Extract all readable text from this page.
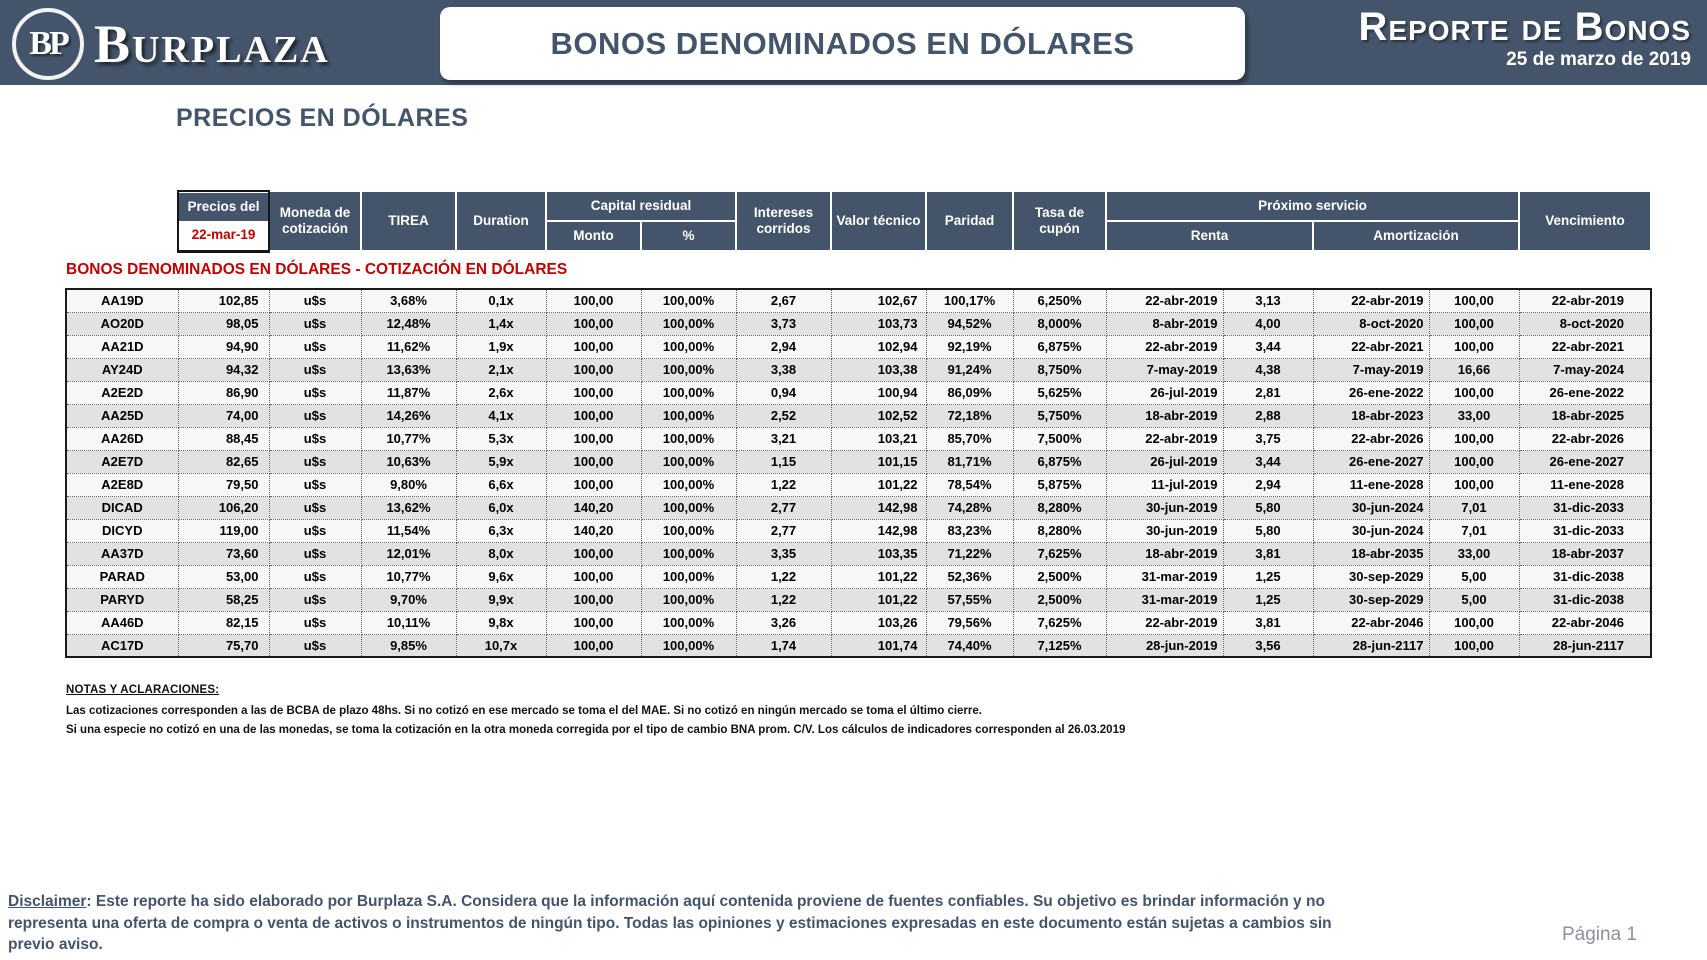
BP Burplaza	BONOS DENOMINADOS EN DÓLARES	Reporte de Bonos
25 de marzo de 2019
PRECIOS EN DÓLARES
Precios del
22-mar-19	Moneda de cotización	TIREA	Duration	Capital residual		Intereses corridos	Valor técnico	Paridad	Tasa de cupón	Próximo servicio		Vencimiento
				Monto	%					Renta	Amortización	
BONOS DENOMINADOS EN DÓLARES - COTIZACIÓN EN DÓLARES
AA19D	102,85	u$s	3,68%	0,1x	100,00	100,00%	2,67	102,67	100,17%	6,250%	22-abr-2019	3,13	22-abr-2019	100,00	22-abr-2019
AO20D	98,05	u$s	12,48%	1,4x	100,00	100,00%	3,73	103,73	94,52%	8,000%	8-abr-2019	4,00	8-oct-2020	100,00	8-oct-2020
AA21D	94,90	u$s	11,62%	1,9x	100,00	100,00%	2,94	102,94	92,19%	6,875%	22-abr-2019	3,44	22-abr-2021	100,00	22-abr-2021
AY24D	94,32	u$s	13,63%	2,1x	100,00	100,00%	3,38	103,38	91,24%	8,750%	7-may-2019	4,38	7-may-2019	16,66	7-may-2024
A2E2D	86,90	u$s	11,87%	2,6x	100,00	100,00%	0,94	100,94	86,09%	5,625%	26-jul-2019	2,81	26-ene-2022	100,00	26-ene-2022
AA25D	74,00	u$s	14,26%	4,1x	100,00	100,00%	2,52	102,52	72,18%	5,750%	18-abr-2019	2,88	18-abr-2023	33,00	18-abr-2025
AA26D	88,45	u$s	10,77%	5,3x	100,00	100,00%	3,21	103,21	85,70%	7,500%	22-abr-2019	3,75	22-abr-2026	100,00	22-abr-2026
A2E7D	82,65	u$s	10,63%	5,9x	100,00	100,00%	1,15	101,15	81,71%	6,875%	26-jul-2019	3,44	26-ene-2027	100,00	26-ene-2027
A2E8D	79,50	u$s	9,80%	6,6x	100,00	100,00%	1,22	101,22	78,54%	5,875%	11-jul-2019	2,94	11-ene-2028	100,00	11-ene-2028
DICAD	106,20	u$s	13,62%	6,0x	140,20	100,00%	2,77	142,98	74,28%	8,280%	30-jun-2019	5,80	30-jun-2024	7,01	31-dic-2033
DICYD	119,00	u$s	11,54%	6,3x	140,20	100,00%	2,77	142,98	83,23%	8,280%	30-jun-2019	5,80	30-jun-2024	7,01	31-dic-2033
AA37D	73,60	u$s	12,01%	8,0x	100,00	100,00%	3,35	103,35	71,22%	7,625%	18-abr-2019	3,81	18-abr-2035	33,00	18-abr-2037
PARAD	53,00	u$s	10,77%	9,6x	100,00	100,00%	1,22	101,22	52,36%	2,500%	31-mar-2019	1,25	30-sep-2029	5,00	31-dic-2038
PARYD	58,25	u$s	9,70%	9,9x	100,00	100,00%	1,22	101,22	57,55%	2,500%	31-mar-2019	1,25	30-sep-2029	5,00	31-dic-2038
AA46D	82,15	u$s	10,11%	9,8x	100,00	100,00%	3,26	103,26	79,56%	7,625%	22-abr-2019	3,81	22-abr-2046	100,00	22-abr-2046
AC17D	75,70	u$s	9,85%	10,7x	100,00	100,00%	1,74	101,74	74,40%	7,125%	28-jun-2019	3,56	28-jun-2117	100,00	28-jun-2117
NOTAS Y ACLARACIONES:
Las cotizaciones corresponden a las de BCBA de plazo 48hs. Si no cotizó en ese mercado se toma el del MAE. Si no cotizó en ningún mercado se toma el último cierre.
Si una especie no cotizó en una de las monedas, se toma la cotización en la otra moneda corregida por el tipo de cambio BNA prom. C/V. Los cálculos de indicadores corresponden al 26.03.2019
Disclaimer: Este reporte ha sido elaborado por Burplaza S.A. Considera que la información aquí contenida proviene de fuentes confiables. Su objetivo es brindar información y no representa una oferta de compra o venta de activos o instrumentos de ningún tipo. Todas las opiniones y estimaciones expresadas en este documento están sujetas a cambios sin previo aviso.	Página 1
